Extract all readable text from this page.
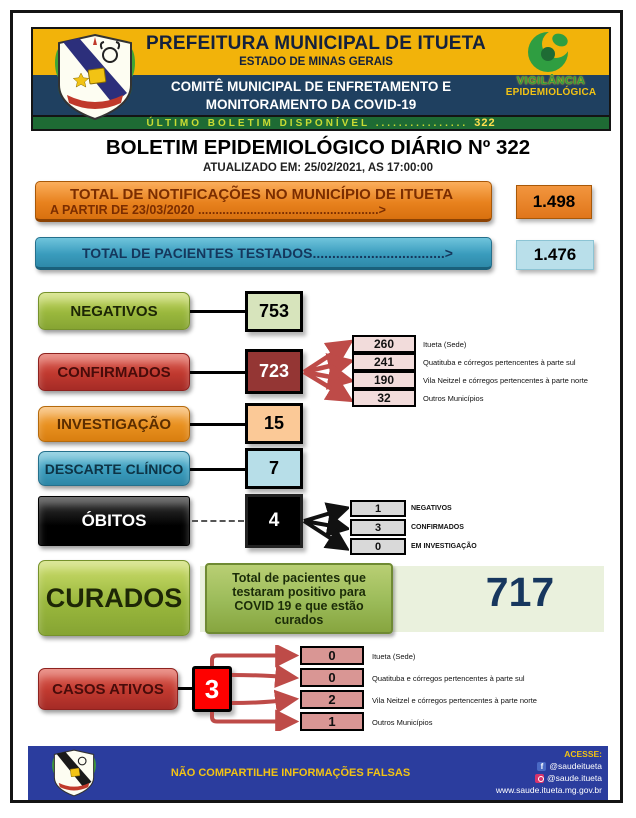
PREFEITURA MUNICIPAL DE ITUETA
ESTADO DE MINAS GERAIS
COMITÊ MUNICIPAL DE ENFRETAMENTO E
MONITORAMENTO DA COVID-19
ÚLTIMO BOLETIM DISPONÍVEL ................ 322
VIGILÂNCIA
EPIDEMIOLÓGICA
BOLETIM EPIDEMIOLÓGICO DIÁRIO Nº 322
ATUALIZADO EM: 25/02/2021, AS 17:00:00
TOTAL DE NOTIFICAÇÕES NO MUNICÍPIO DE ITUETA
A PARTIR DE 23/03/2020 ....................................................>	1.498
TOTAL DE PACIENTES TESTADOS..................................>	1.476
NEGATIVOS	753
CONFIRMADOS	723
260	Itueta (Sede)
241	Quatituba e córregos pertencentes à parte sul
190	Vila Neitzel e córregos pertencentes à parte norte
32	Outros Municípios
INVESTIGAÇÃO	15
DESCARTE CLÍNICO	7
ÓBITOS	4
1	NEGATIVOS
3	CONFIRMADOS
0	EM INVESTIGAÇÃO
CURADOS
Total de pacientes que testaram positivo para COVID 19 e que estão curados
717
CASOS ATIVOS	3
0	Itueta (Sede)
0	Quatituba e córregos pertencentes à parte sul
2	Vila Neitzel e córregos pertencentes à parte norte
1	Outros Municípios
NÃO COMPARTILHE INFORMAÇÕES FALSAS
ACESSE:
f @saudeitueta
@saude.itueta
www.saude.itueta.mg.gov.br
